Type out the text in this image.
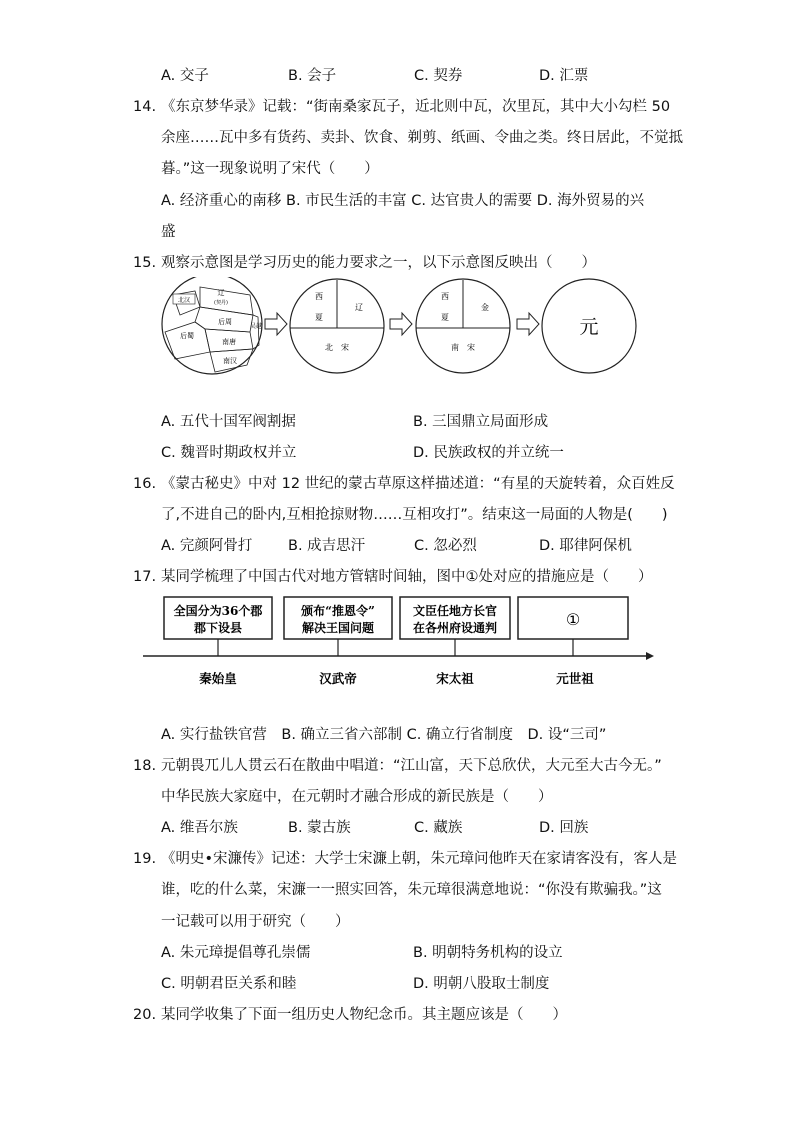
A. 交子	B. 会子	C. 契券	D. 汇票
14. 《东京梦华录》记载：“街南桑家瓦子，近北则中瓦，次里瓦，其中大小勾栏 50
余座……瓦中多有货药、卖卦、饮食、剃剪、纸画、令曲之类。终日居此，不觉抵
暮。”这一现象说明了宋代（　　）
A. 经济重心的南移 B. 市民生活的丰富 C. 达官贵人的需要 D. 海外贸易的兴
盛
15. 观察示意图是学习历史的能力要求之一，以下示意图反映出（　　）
北汉
辽
(契丹)
后周
后蜀
南唐
南汉
吴越
西
夏
辽
北　宋
西
夏
金
南　宋
元
A. 五代十国军阀割据	B. 三国鼎立局面形成
C. 魏晋时期政权并立	D. 民族政权的并立统一
16. 《蒙古秘史》中对 12 世纪的蒙古草原这样描述道：“有星的天旋转着，众百姓反
了,不进自己的卧内,互相抢掠财物……互相攻打”。结束这一局面的人物是(　　)
A. 完颜阿骨打 B. 成吉思汗	C. 忽必烈	D. 耶律阿保机
17. 某同学梳理了中国古代对地方管辖时间轴，图中①处对应的措施应是（　　）
全国分为36个郡
郡下设县
颁布“推恩令”
解决王国问题
文臣任地方长官
在各州府设通判	①
秦始皇	汉武帝	宋太祖	元世祖
A. 实行盐铁官营　B. 确立三省六部制 C. 确立行省制度　D. 设“三司”
18. 元朝畏兀儿人贯云石在散曲中唱道：“江山富，天下总欣伏，大元至大古今无。”
中华民族大家庭中，在元朝时才融合形成的新民族是（　　）
A. 维吾尔族	B. 蒙古族	C. 藏族	D. 回族
19. 《明史•宋濂传》记述：大学士宋濂上朝，朱元璋问他昨天在家请客没有，客人是
谁，吃的什么菜，宋濂一一照实回答，朱元璋很满意地说：“你没有欺骗我。”这
一记载可以用于研究（　　）
A. 朱元璋提倡尊孔崇儒	B. 明朝特务机构的设立
C. 明朝君臣关系和睦	D. 明朝八股取士制度
20. 某同学收集了下面一组历史人物纪念币。其主题应该是（　　）
